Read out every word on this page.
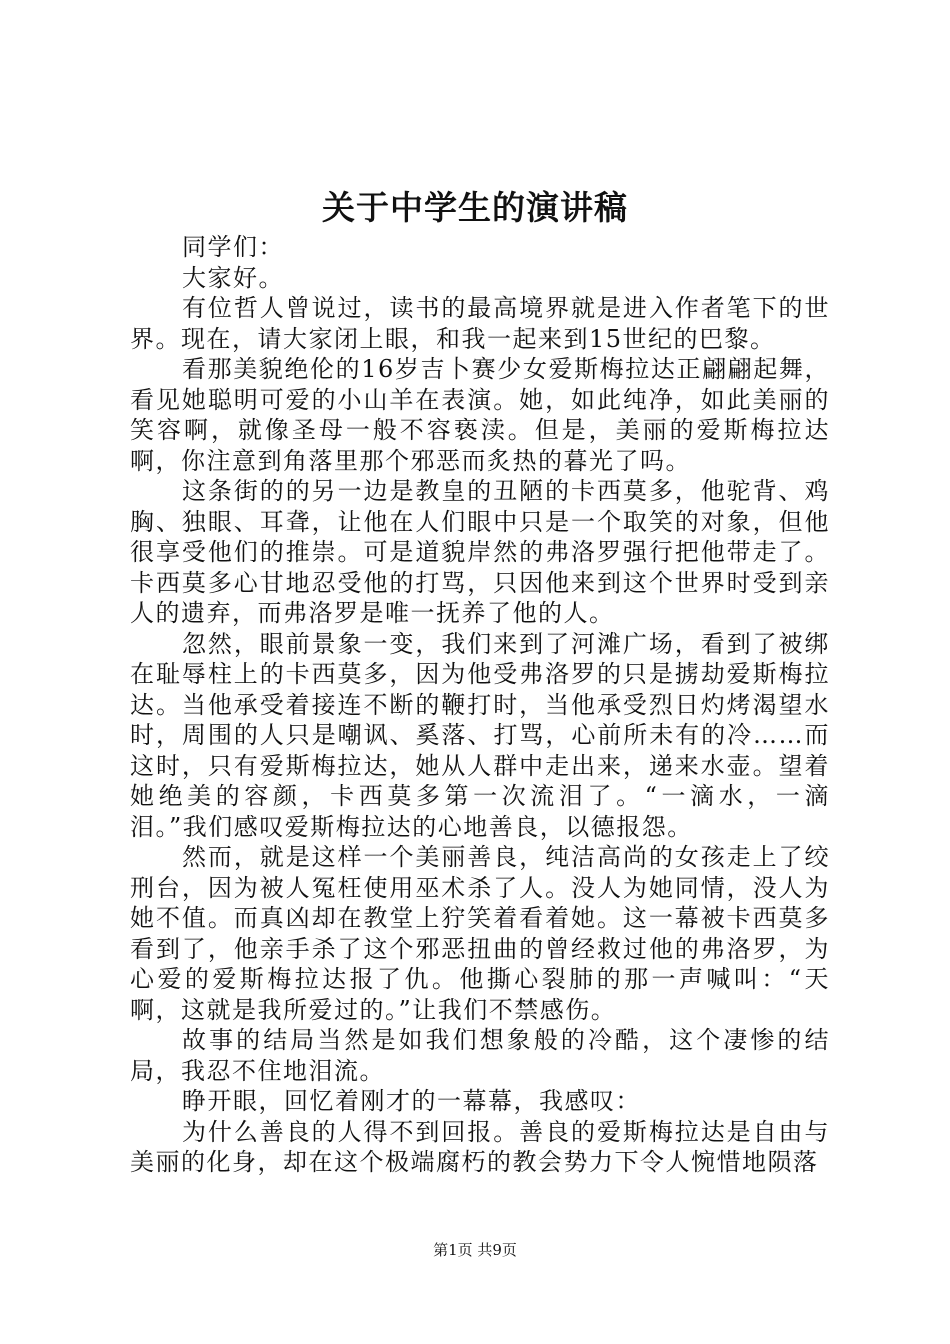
关于中学生的演讲稿

同学们：

大家好。

有位哲人曾说过，读书的最高境界就是进入作者笔下的世界。现在，请大家闭上眼，和我一起来到15世纪的巴黎。

看那美貌绝伦的16岁吉卜赛少女爱斯梅拉达正翩翩起舞，看见她聪明可爱的小山羊在表演。她，如此纯净，如此美丽的笑容啊，就像圣母一般不容亵渎。但是，美丽的爱斯梅拉达啊，你注意到角落里那个邪恶而炙热的暮光了吗。

这条街的的另一边是教皇的丑陋的卡西莫多，他驼背、鸡胸、独眼、耳聋，让他在人们眼中只是一个取笑的对象，但他很享受他们的推崇。可是道貌岸然的弗洛罗强行把他带走了。卡西莫多心甘地忍受他的打骂，只因他来到这个世界时受到亲人的遗弃，而弗洛罗是唯一抚养了他的人。

忽然，眼前景象一变，我们来到了河滩广场，看到了被绑在耻辱柱上的卡西莫多，因为他受弗洛罗的只是掳劫爱斯梅拉达。当他承受着接连不断的鞭打时，当他承受烈日灼烤渴望水时，周围的人只是嘲讽、奚落、打骂，心前所未有的冷……而这时，只有爱斯梅拉达，她从人群中走出来，递来水壶。望着她绝美的容颜，卡西莫多第一次流泪了。“一滴水，一滴泪。”我们感叹爱斯梅拉达的心地善良，以德报怨。

然而，就是这样一个美丽善良，纯洁高尚的女孩走上了绞刑台，因为被人冤枉使用巫术杀了人。没人为她同情，没人为她不值。而真凶却在教堂上狞笑着看着她。这一幕被卡西莫多看到了，他亲手杀了这个邪恶扭曲的曾经救过他的弗洛罗，为心爱的爱斯梅拉达报了仇。他撕心裂肺的那一声喊叫：“天啊，这就是我所爱过的。”让我们不禁感伤。

故事的结局当然是如我们想象般的冷酷，这个凄惨的结局，我忍不住地泪流。

睁开眼，回忆着刚才的一幕幕，我感叹：

为什么善良的人得不到回报。善良的爱斯梅拉达是自由与美丽的化身，却在这个极端腐朽的教会势力下令人惋惜地陨落

第1页 共9页
